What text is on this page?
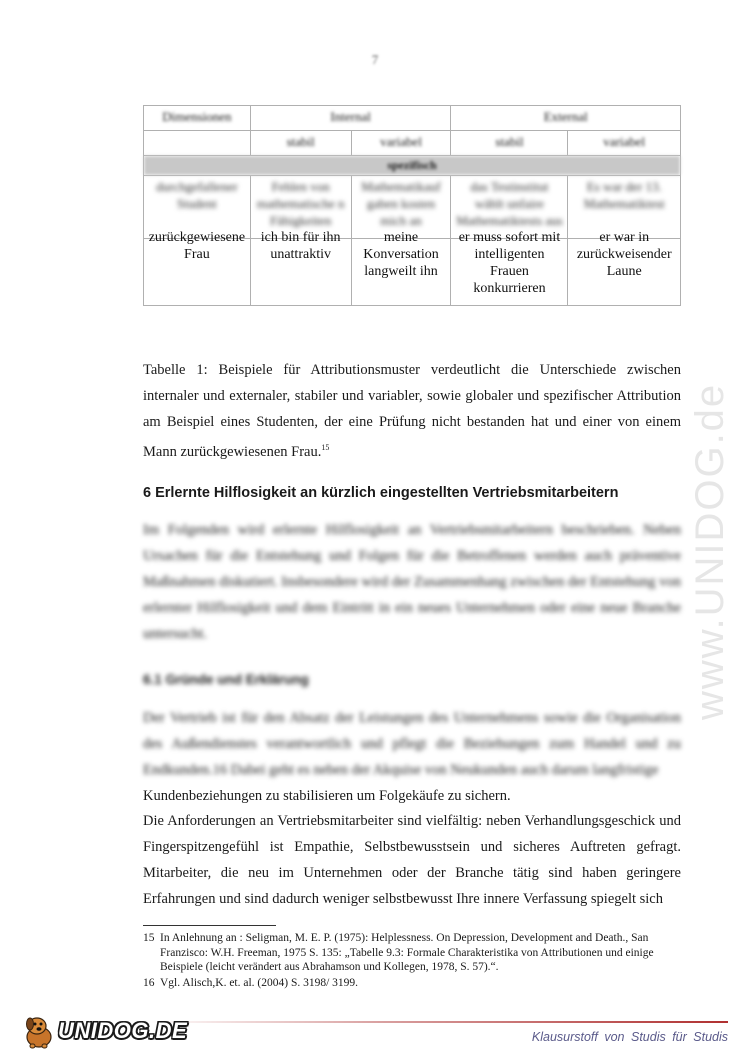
7
Dimensionen	Internal		External	
	stabil	variabel	stabil	variabel
spezifisch				
durchgefallener Student	Fehlen von mathematische n Fähigkeiten	Mathematikauf gaben kosten mich an	das Testinstitut wählt unfaire Mathematiktests aus	Es war der 13. Mathematiktest

zurückgewiesene Frau	ich bin für ihn unattraktiv	meine Konversation langweilt ihn	er muss sofort mit intelligenten Frauen konkurrieren	er war in zurückweisender Laune
Tabelle 1: Beispiele für Attributionsmuster verdeutlicht die Unterschiede zwischen internaler und externaler, stabiler und variabler, sowie globaler und spezifischer Attribution am Beispiel eines Studenten, der eine Prüfung nicht bestanden hat und einer von einem Mann zurückgewiesenen Frau.$^{15}$
6 Erlernte Hilflosigkeit an kürzlich eingestellten Vertriebsmitarbeitern
Im Folgenden wird erlernte Hilflosigkeit an Vertriebsmitarbeitern beschrieben. Neben Ursachen für die Entstehung und Folgen für die Betroffenen werden auch präventive Maßnahmen diskutiert. Insbesondere wird der Zusammenhang zwischen der Entstehung von erlernter Hilflosigkeit und dem Eintritt in ein neues Unternehmen oder eine neue Branche untersucht.
6.1 Gründe und Erklärung
Der Vertrieb ist für den Absatz der Leistungen des Unternehmens sowie die Organisation des Außendienstes verantwortlich und pflegt die Beziehungen zum Handel und zu Endkunden.16 Dabei geht es neben der Akquise von Neukunden auch darum langfristige
Kundenbeziehungen zu stabilisieren um Folgekäufe zu sichern.
Die Anforderungen an Vertriebsmitarbeiter sind vielfältig: neben Verhandlungsgeschick und Fingerspitzengefühl ist Empathie, Selbstbewusstsein und sicheres Auftreten gefragt. Mitarbeiter, die neu im Unternehmen oder der Branche tätig sind haben geringere Erfahrungen und sind dadurch weniger selbstbewusst Ihre innere Verfassung spiegelt sich
15 In Anlehnung an : Seligman, M. E. P. (1975): Helplessness. On Depression, Development and Death., San Franzisco: W.H. Freeman, 1975 S. 135: „Tabelle 9.3: Formale Charakteristika von Attributionen und einige Beispiele (leicht verändert aus Abrahamson und Kollegen, 1978, S. 57).“.
16 Vgl. Alisch,K. et. al. (2004) S. 3198/ 3199.
www.UNIDOG.de
UNIDOG.DE	Klausurstoff von Studis für Studis
